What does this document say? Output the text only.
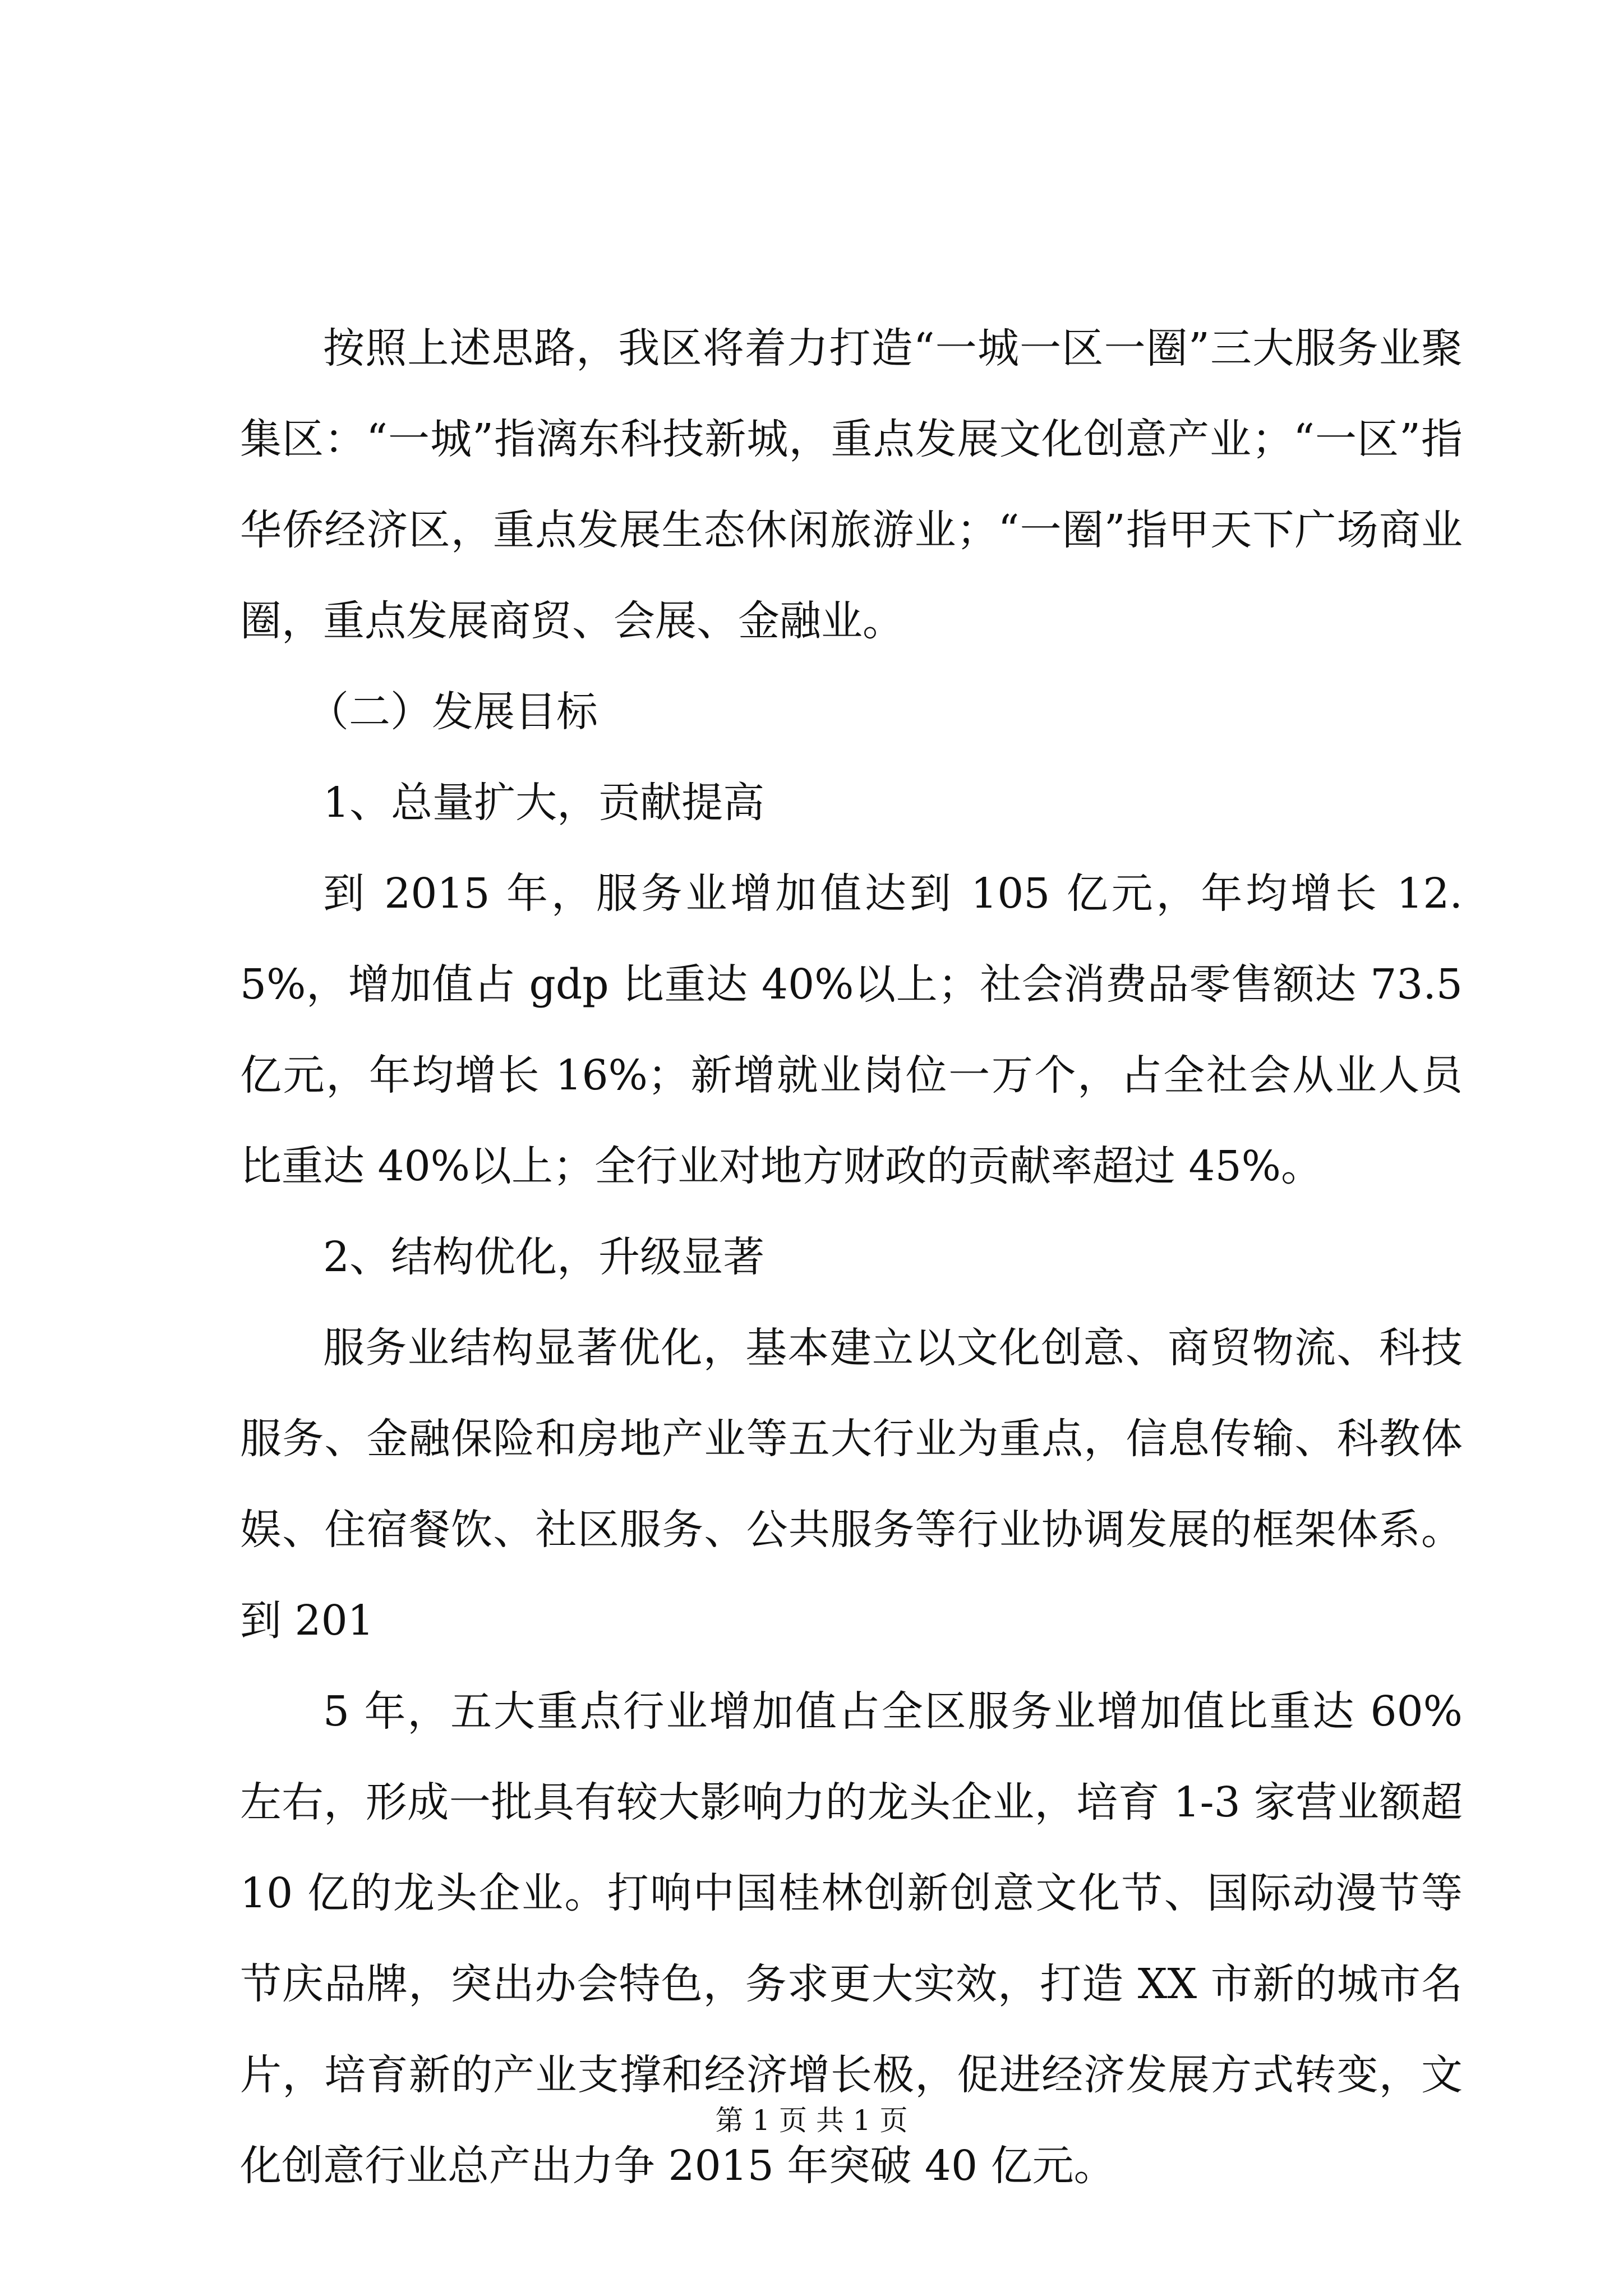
按照上述思路，我区将着力打造“一城一区一圈”三大服务业聚集区：“一城”指漓东科技新城，重点发展文化创意产业；“一区”指华侨经济区，重点发展生态休闲旅游业；“一圈”指甲天下广场商业圈，重点发展商贸、会展、金融业。

（二）发展目标

1、总量扩大，贡献提高

到 2015 年，服务业增加值达到 105 亿元，年均增长 12.5%，增加值占 gdp 比重达 40%以上；社会消费品零售额达 73.5 亿元，年均增长 16%；新增就业岗位一万个，占全社会从业人员比重达 40%以上；全行业对地方财政的贡献率超过 45%。

2、结构优化，升级显著

服务业结构显著优化，基本建立以文化创意、商贸物流、科技服务、金融保险和房地产业等五大行业为重点，信息传输、科教体娱、住宿餐饮、社区服务、公共服务等行业协调发展的框架体系。到 201

5 年，五大重点行业增加值占全区服务业增加值比重达 60%左右，形成一批具有较大影响力的龙头企业，培育 1-3 家营业额超 10 亿的龙头企业。打响中国桂林创新创意文化节、国际动漫节等节庆品牌，突出办会特色，务求更大实效，打造 XX 市新的城市名片，培育新的产业支撑和经济增长极，促进经济发展方式转变，文化创意行业总产出力争 2015 年突破 40 亿元。

第 1 页 共 1 页
